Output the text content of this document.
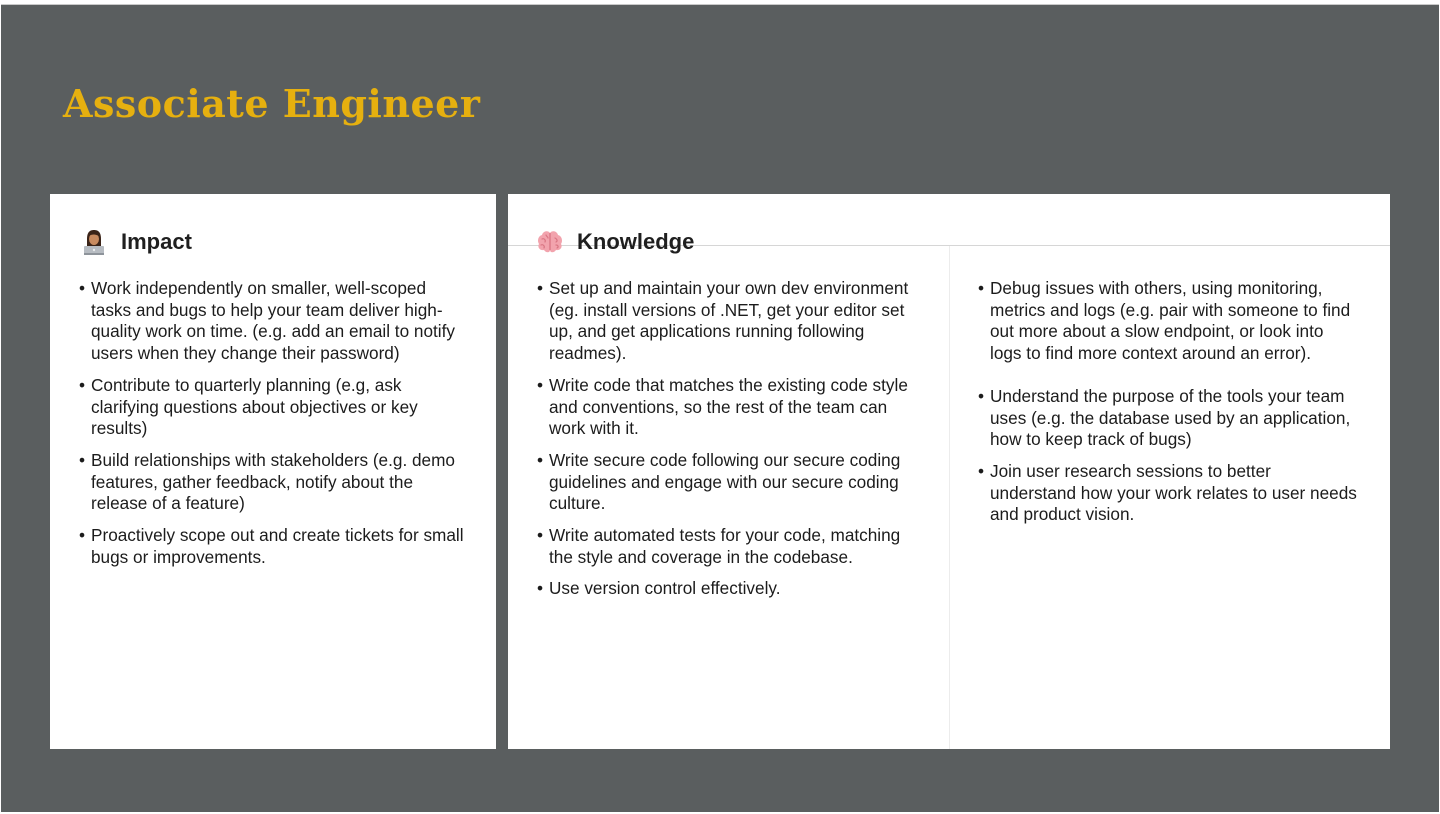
Associate Engineer
Impact
• Work independently on smaller, well-scoped tasks and bugs to help your team deliver high-quality work on time. (e.g. add an email to notify users when they change their password)
• Contribute to quarterly planning (e.g, ask clarifying questions about objectives or key results)
• Build relationships with stakeholders (e.g. demo features, gather feedback, notify about the release of a feature)
• Proactively scope out and create tickets for small bugs or improvements.
Knowledge
• Set up and maintain your own dev environment (eg. install versions of .NET, get your editor set up, and get applications running following readmes).
• Write code that matches the existing code style and conventions, so the rest of the team can work with it.
• Write secure code following our secure coding guidelines and engage with our secure coding culture.
• Write automated tests for your code, matching the style and coverage in the codebase.
• Use version control effectively.
• Debug issues with others, using monitoring, metrics and logs (e.g. pair with someone to find out more about a slow endpoint, or look into logs to find more context around an error).
• Understand the purpose of the tools your team uses (e.g. the database used by an application, how to keep track of bugs)
• Join user research sessions to better understand how your work relates to user needs and product vision.
